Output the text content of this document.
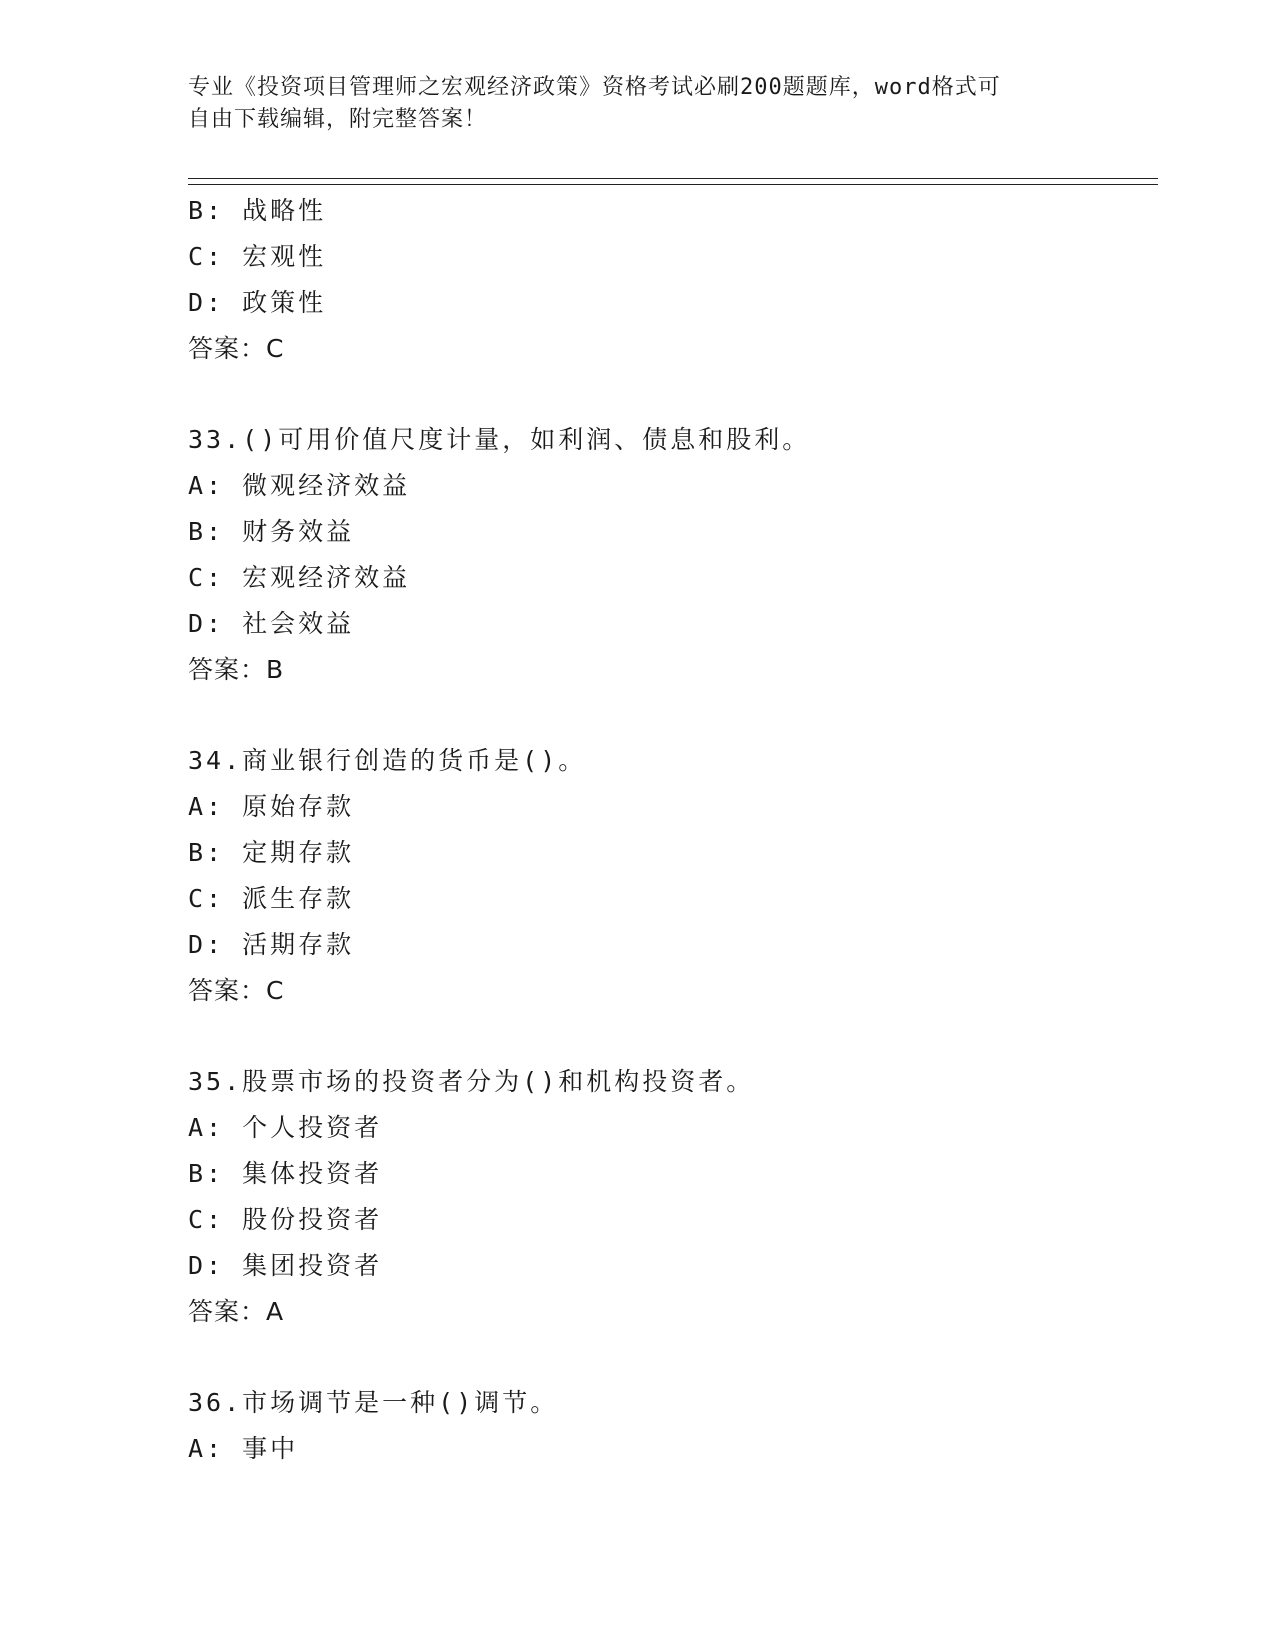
专业《投资项目管理师之宏观经济政策》资格考试必刷200题题库，word格式可
自由下载编辑，附完整答案！
B: 战略性
C: 宏观性
D: 政策性
答案：C
33.()可用价值尺度计量，如利润、债息和股利。
A: 微观经济效益
B: 财务效益
C: 宏观经济效益
D: 社会效益
答案：B
34.商业银行创造的货币是()。
A: 原始存款
B: 定期存款
C: 派生存款
D: 活期存款
答案：C
35.股票市场的投资者分为()和机构投资者。
A: 个人投资者
B: 集体投资者
C: 股份投资者
D: 集团投资者
答案：A
36.市场调节是一种()调节。
A: 事中
